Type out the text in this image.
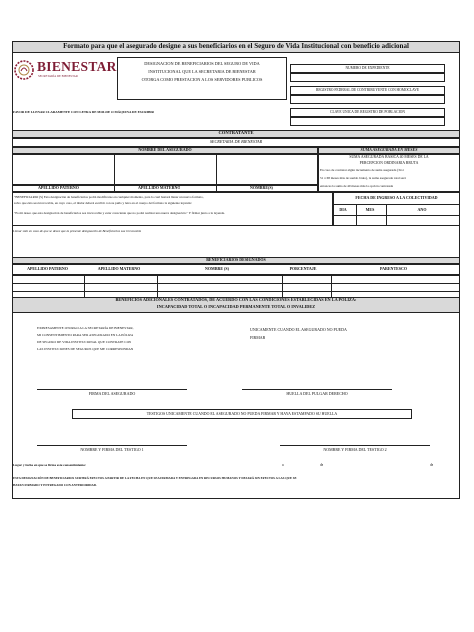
Formato para que el asegurado designe a sus beneficiarios en el Seguro de Vida Institucional con beneficio adicional
BIENESTAR
SECRETARÍA DE BIENESTAR
DESIGNACIÓN DE BENEFICIARIOS DEL SEGURO DE VIDA
INSTITUCIONAL QUE LA SECRETARÍA DE BIENESTAR
OTORGA COMO PRESTACIÓN A LOS SERVIDORES PÚBLICOS
NÚMERO DE EXPEDIENTE
REGISTRO FEDERAL DE CONTRIBUYENTE CON HOMOCLAVE
FAVOR DE LLENAR CLARAMENTE CON LETRA DE MOLDE O MÁQUINA DE ESCRIBIR	CLAVE ÚNICA DE REGISTRO DE POBLACIÓN
CONTRATANTE
SECRETARÍA DE BIENESTAR
NOMBRE DEL ASEGURADO	SUMA ASEGURADA EN MESES
SUMA ASEGURADA BÁSICA 40 MESES DE LA
PERCEPCIÓN ORDINARIA BRUTA
En caso de contratar algún incremento de suma asegurada (34 ó
51 ó 68 meses más de sueldo bruto), la suma asegurada total será
entonces la suma de 40 meses más la opción contratada
APELLIDO PATERNO	APELLIDO MATERNO	NOMBRE(S)
"BENEFICIARIO (S) Esta designación de beneficiarios podrá modificarse en cualquier momento, para lo cual bastará llenar un nuevo formato,
salvo que ésta sea irrevocable, en cuyo caso, el titular deberá escribir con su puño y letra en el cuerpo del formato la siguiente leyenda:
"Es mi deseo que esta designación de beneficiarios sea irrevocable y estar consciente que no podré realizar una nueva designación." Y firmar junto a la leyenda.
FECHA DE INGRESO A LA COLECTIVIDAD
DÍA	MES	AÑO
Llenar sólo en caso de que se desee que la presente designación de Beneficiarios sea irrevocable
BENEFICIARIOS DESIGNADOS
APELLIDO PATERNO	APELLIDO MATERNO	NOMBRE (S)	PORCENTAJE	PARENTESCO

BENEFICIOS ADICIONALES CONTRATADOS, DE ACUERDO CON LAS CONDICIONES ESTABLECIDAS EN LA PÓLIZA:
INCAPACIDAD TOTAL O INCAPACIDAD PERMANENTE TOTAL O INVALIDEZ
EXPRESAMENTE OTORGO A LA SECRETARÍA DE BIENESTAR,
MI CONSENTIMIENTO PARA SER ASEGURADO EN LA PÓLIZA
DE SEGURO DE VIDA INSTITUCIONAL QUE CONTRATE CON
LAS INSTITUCIONES DE SEGUROS QUE ME CORRESPONDAN
ÚNICAMENTE CUANDO EL ASEGURADO NO PUEDA
FIRMAR
FIRMA DEL ASEGURADO	HUELLA DEL PULGAR DERECHO
TESTIGOS ÚNICAMENTE CUANDO EL ASEGURADO NO PUEDA FIRMAR Y HAYA ESTAMPADO SU HUELLA
NOMBRE Y FIRMA DEL TESTIGO 1	NOMBRE Y FIRMA DEL TESTIGO 2
Lugar y fecha en que se firma este consentimiento:	a	de	de
ESTA DESIGNACIÓN DE BENEFICIARIOS SURTIRÁ EFECTOS A PARTIR DE LA FECHA EN QUE SEA FIRMADA Y ENTREGADA EN RECURSOS HUMANOS Y DEJARÁ SIN EFECTOS A LAS QUE SE
HAYAN FIRMADO Y ENTREGADO CON ANTERIORIDAD.
